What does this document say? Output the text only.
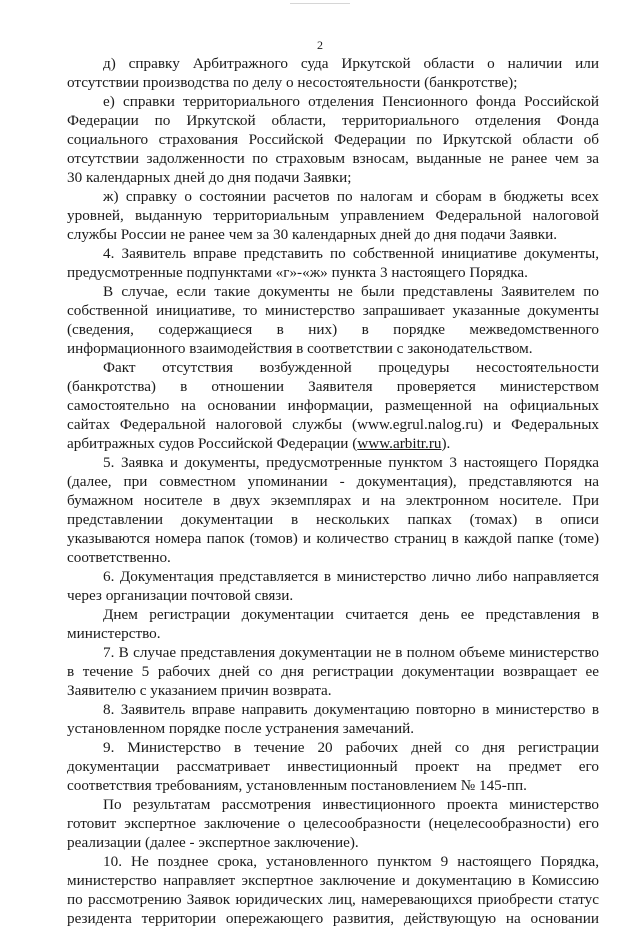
2
д) справку Арбитражного суда Иркутской области о наличии или
отсутствии производства по делу о несостоятельности (банкротстве);
е) справки территориального отделения Пенсионного фонда Российской
Федерации по Иркутской области, территориального отделения Фонда
социального страхования Российской Федерации по Иркутской области об
отсутствии задолженности по страховым взносам, выданные не ранее чем за
30 календарных дней до дня подачи Заявки;
ж) справку о состоянии расчетов по налогам и сборам в бюджеты всех
уровней, выданную территориальным управлением Федеральной налоговой
службы России не ранее чем за 30 календарных дней до дня подачи Заявки.
4. Заявитель вправе представить по собственной инициативе документы,
предусмотренные подпунктами «г»-«ж» пункта 3 настоящего Порядка.
В случае, если такие документы не были представлены Заявителем по
собственной инициативе, то министерство запрашивает указанные документы
(сведения, содержащиеся в них) в порядке межведомственного
информационного взаимодействия в соответствии с законодательством.
Факт отсутствия возбужденной процедуры несостоятельности
(банкротства) в отношении Заявителя проверяется министерством
самостоятельно на основании информации, размещенной на официальных
сайтах Федеральной налоговой службы (www.egrul.nalog.ru) и Федеральных
арбитражных судов Российской Федерации (www.arbitr.ru).
5. Заявка и документы, предусмотренные пунктом 3 настоящего Порядка
(далее, при совместном упоминании - документация), представляются на
бумажном носителе в двух экземплярах и на электронном носителе. При
представлении документации в нескольких папках (томах) в описи
указываются номера папок (томов) и количество страниц в каждой папке (томе)
соответственно.
6. Документация представляется в министерство лично либо направляется
через организации почтовой связи.
Днем регистрации документации считается день ее представления в
министерство.
7. В случае представления документации не в полном объеме министерство
в течение 5 рабочих дней со дня регистрации документации возвращает ее
Заявителю с указанием причин возврата.
8. Заявитель вправе направить документацию повторно в министерство в
установленном порядке после устранения замечаний.
9. Министерство в течение 20 рабочих дней со дня регистрации
документации рассматривает инвестиционный проект на предмет его
соответствия требованиям, установленным постановлением № 145-пп.
По результатам рассмотрения инвестиционного проекта министерство
готовит экспертное заключение о целесообразности (нецелесообразности) его
реализации (далее - экспертное заключение).
10. Не позднее срока, установленного пунктом 9 настоящего Порядка,
министерство направляет экспертное заключение и документацию в Комиссию
по рассмотрению Заявок юридических лиц, намеревающихся приобрести статус
резидента территории опережающего развития, действующую на основании
